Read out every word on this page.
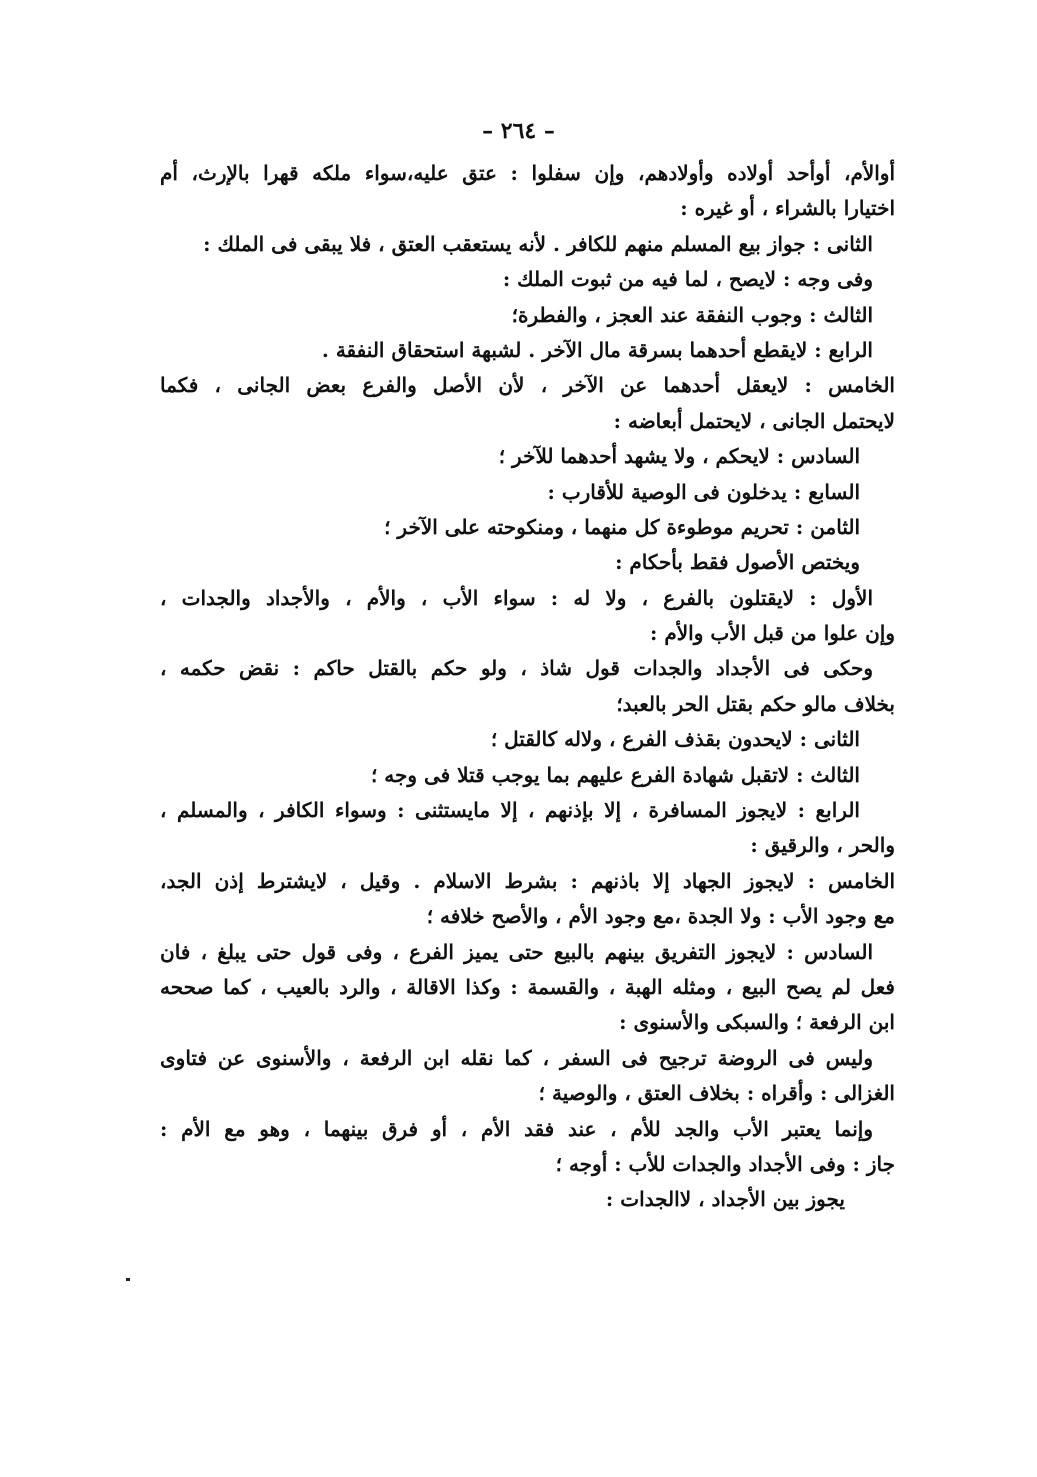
– ٢٦٤ –
أوالأم، أوأحد أولاده وأولادهم، وإن سفلوا : عتق عليه،سواء ملكه قهرا بالإرث، أم
اختيارا بالشراء ، أو غيره :
الثانى : جواز بيع المسلم منهم للكافر . لأنه يستعقب العتق ، فلا يبقى فى الملك :
وفى وجه : لايصح ، لما فيه من ثبوت الملك :
الثالث : وجوب النفقة عند العجز ، والفطرة؛
الرابع : لايقطع أحدهما بسرقة مال الآخر . لشبهة استحقاق النفقة .
الخامس : لايعقل أحدهما عن الآخر ، لأن الأصل والفرع بعض الجانى ، فكما
لايحتمل الجانى ، لايحتمل أبعاضه :
السادس : لايحكم ، ولا يشهد أحدهما للآخر ؛
السابع : يدخلون فى الوصية للأقارب :
الثامن : تحريم موطوءة كل منهما ، ومنكوحته على الآخر ؛
ويختص الأصول فقط بأحكام :
الأول : لايقتلون بالفرع ، ولا له : سواء الأب ، والأم ، والأجداد والجدات ،
وإن علوا من قبل الأب والأم :
وحكى فى الأجداد والجدات قول شاذ ، ولو حكم بالقتل حاكم : نقض حكمه ،
بخلاف مالو حكم بقتل الحر بالعبد؛
الثانى : لايحدون بقذف الفرع ، ولاله كالقتل ؛
الثالث : لاتقبل شهادة الفرع عليهم بما يوجب قتلا فى وجه ؛
الرابع : لايجوز المسافرة ، إلا بإذنهم ، إلا مايستثنى : وسواء الكافر ، والمسلم ،
والحر ، والرقيق :
الخامس : لايجوز الجهاد إلا باذنهم : بشرط الاسلام . وقيل ، لايشترط إذن الجد،
مع وجود الأب : ولا الجدة ،مع وجود الأم ، والأصح خلافه ؛
السادس : لايجوز التفريق بينهم بالبيع حتى يميز الفرع ، وفى قول حتى يبلغ ، فان
فعل لم يصح البيع ، ومثله الهبة ، والقسمة : وكذا الاقالة ، والرد بالعيب ، كما صححه
ابن الرفعة ؛ والسبكى والأسنوى :
وليس فى الروضة ترجيح فى السفر ، كما نقله ابن الرفعة ، والأسنوى عن فتاوى
الغزالى : وأقراه : بخلاف العتق ، والوصية ؛
وإنما يعتبر الأب والجد للأم ، عند فقد الأم ، أو فرق بينهما ، وهو مع الأم :
جاز : وفى الأجداد والجدات للأب : أوجه ؛
يجوز بين الأجداد ، لاالجدات :
